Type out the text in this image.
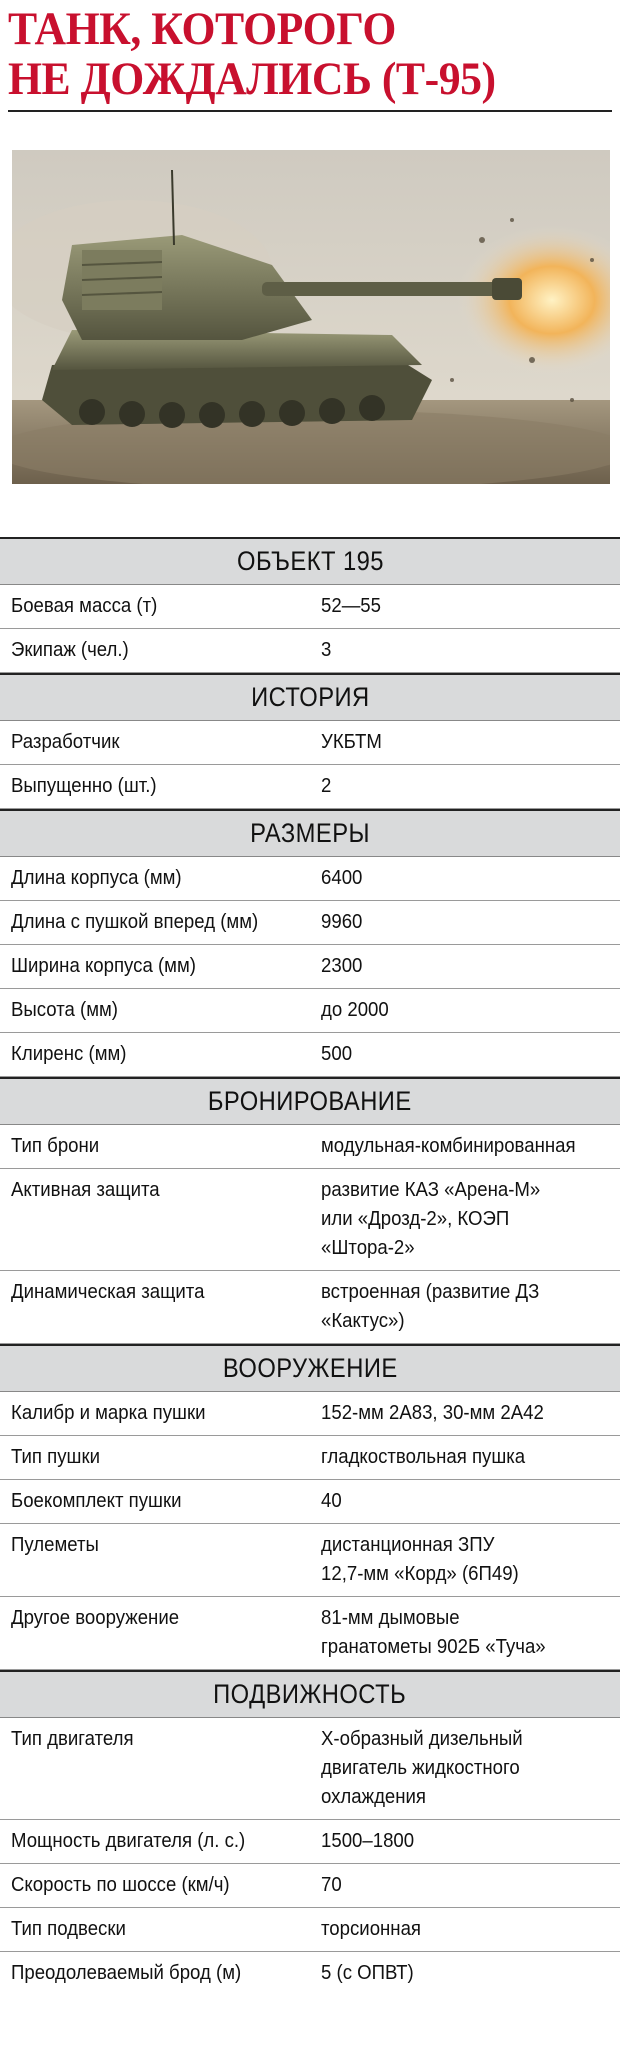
ТАНК, КОТОРОГО
НЕ ДОЖДАЛИСЬ (Т-95)
ОБЪЕКТ 195
Боевая масса (т)	52—55
Экипаж (чел.)	3
ИСТОРИЯ
Разработчик	УКБТМ
Выпущенно (шт.)	2
РАЗМЕРЫ
Длина корпуса (мм)	6400
Длина с пушкой вперед (мм)	9960
Ширина корпуса (мм)	2300
Высота (мм)	до 2000
Клиренс (мм)	500
БРОНИРОВАНИЕ
Тип брони	модульная-комбинированная
Активная защита	развитие КАЗ «Арена-М»
или «Дрозд-2», КОЭП
«Штора-2»
Динамическая защита	встроенная (развитие ДЗ
«Кактус»)
ВООРУЖЕНИЕ
Калибр и марка пушки	152-мм 2А83, 30-мм 2А42
Тип пушки	гладкоствольная пушка
Боекомплект пушки	40
Пулеметы	дистанционная ЗПУ
12,7-мм «Корд» (6П49)
Другое вооружение	81-мм дымовые
гранатометы 902Б «Туча»
ПОДВИЖНОСТЬ
Тип двигателя	Х-образный дизельный
двигатель жидкостного
охлаждения
Мощность двигателя (л. с.)	1500–1800
Скорость по шоссе (км/ч)	70
Тип подвески	торсионная
Преодолеваемый брод (м)	5 (с ОПВТ)
